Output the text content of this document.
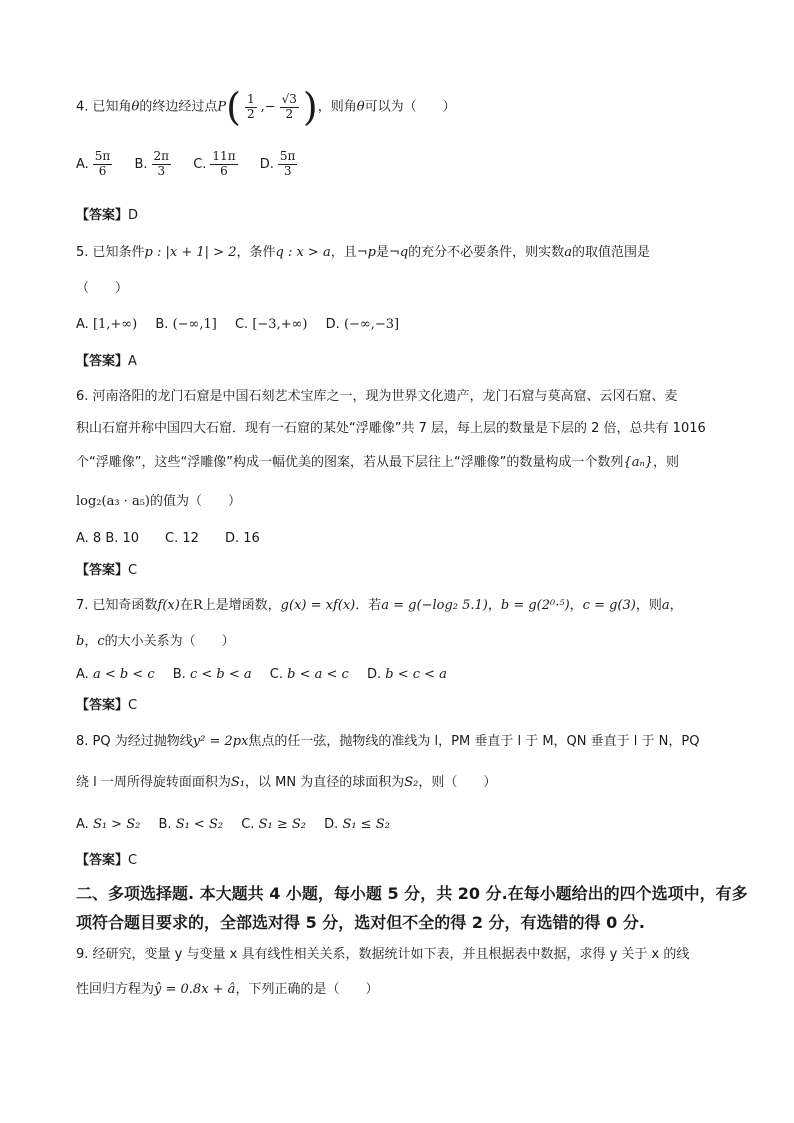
4. 已知角θ的终边经过点$P( \frac{1}{2}$ ,− $\frac{√3}{2}$ )，则角θ可以为（　　）
A. $\frac{5\pi}{6} B$. $\frac{2\pi}{3} C$. $\frac{11\pi}{6} D$. $\frac{5\pi}{3}$
【答案】D
5. 已知条件p : |x + 1| > 2，条件q : x > a，且¬p是¬q的充分不必要条件，则实数a的取值范围是
（　　）
A. [1,+∞) B. (−∞,1] C. [−3,+∞) D. (−∞,−3]
【答案】A
6. 河南洛阳的龙门石窟是中国石刻艺术宝库之一，现为世界文化遗产，龙门石窟与莫高窟、云冈石窟、麦
积山石窟并称中国四大石窟．现有一石窟的某处“浮雕像”共 7 层，每上层的数量是下层的 2 倍，总共有 1016
个“浮雕像”，这些“浮雕像”构成一幅优美的图案，若从最下层往上“浮雕像”的数量构成一个数列{aₙ}，则
log₂(a₃ · a₅)的值为（　　）
A. 8 B. 10　　C. 12　　D. 16
【答案】C
7. 已知奇函数f(x)在R上是增函数，g(x) = xf(x)．若a = g(−log₂ 5.1)，b = g(2⁰·⁵)，c = g(3)，则a，
b，c的大小关系为（　　）
A. a < b < c B. c < b < a C. b < a < c D. b < c < a
【答案】C
8. PQ 为经过抛物线y² = 2px焦点的任一弦，抛物线的准线为 l，PM 垂直于 l 于 M，QN 垂直于 l 于 N，PQ
绕 l 一周所得旋转面面积为S₁，以 MN 为直径的球面积为S₂，则（　　）
A. S₁ > S₂ B. S₁ < S₂ C. S₁ ≥ S₂ D. S₁ ≤ S₂
【答案】C
二、多项选择题. 本大题共 4 小题，每小题 5 分，共 20 分.在每小题给出的四个选项中，有多
项符合题目要求的，全部选对得 5 分，选对但不全的得 2 分，有选错的得 0 分.
9. 经研究，变量 y 与变量 x 具有线性相关关系，数据统计如下表，并且根据表中数据，求得 y 关于 x 的线
性回归方程为ŷ = 0.8x + â，下列正确的是（　　）
